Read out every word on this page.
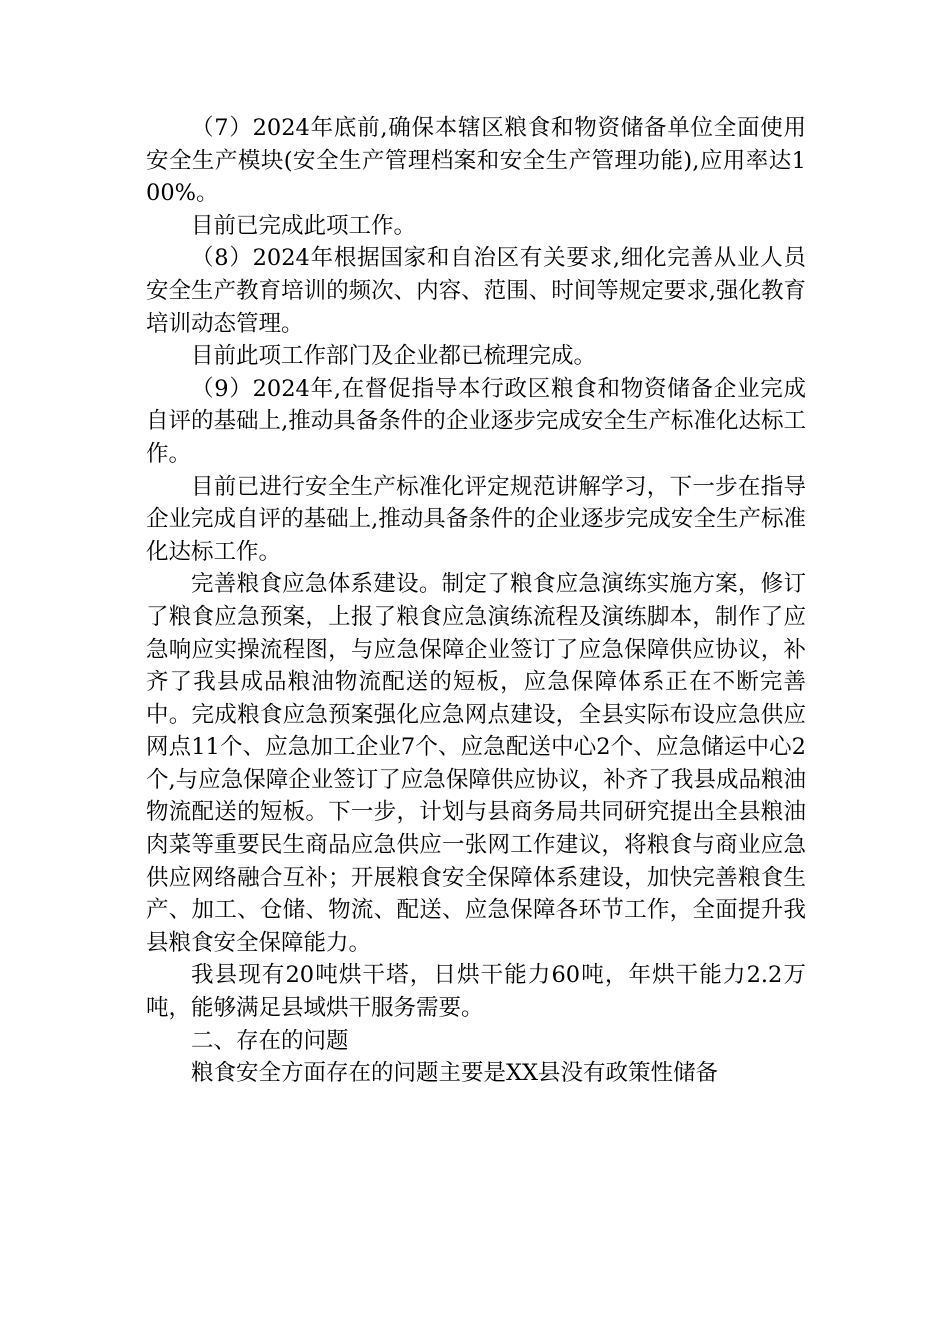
（7）2024年底前,确保本辖区粮食和物资储备单位全面使用安全生产模块(安全生产管理档案和安全生产管理功能),应用率达100%。

目前已完成此项工作。

（8）2024年根据国家和自治区有关要求,细化完善从业人员安全生产教育培训的频次、内容、范围、时间等规定要求,强化教育培训动态管理。

目前此项工作部门及企业都已梳理完成。

（9）2024年,在督促指导本行政区粮食和物资储备企业完成自评的基础上,推动具备条件的企业逐步完成安全生产标准化达标工作。

目前已进行安全生产标准化评定规范讲解学习，下一步在指导企业完成自评的基础上,推动具备条件的企业逐步完成安全生产标准化达标工作。

完善粮食应急体系建设。制定了粮食应急演练实施方案，修订了粮食应急预案，上报了粮食应急演练流程及演练脚本，制作了应急响应实操流程图，与应急保障企业签订了应急保障供应协议，补齐了我县成品粮油物流配送的短板，应急保障体系正在不断完善中。完成粮食应急预案强化应急网点建设，全县实际布设应急供应网点11个、应急加工企业7个、应急配送中心2个、应急储运中心2个,与应急保障企业签订了应急保障供应协议，补齐了我县成品粮油物流配送的短板。下一步，计划与县商务局共同研究提出全县粮油肉菜等重要民生商品应急供应一张网工作建议，将粮食与商业应急供应网络融合互补；开展粮食安全保障体系建设，加快完善粮食生产、加工、仓储、物流、配送、应急保障各环节工作，全面提升我县粮食安全保障能力。

我县现有20吨烘干塔，日烘干能力60吨，年烘干能力2.2万吨，能够满足县域烘干服务需要。

二、存在的问题

粮食安全方面存在的问题主要是XX县没有政策性储备
